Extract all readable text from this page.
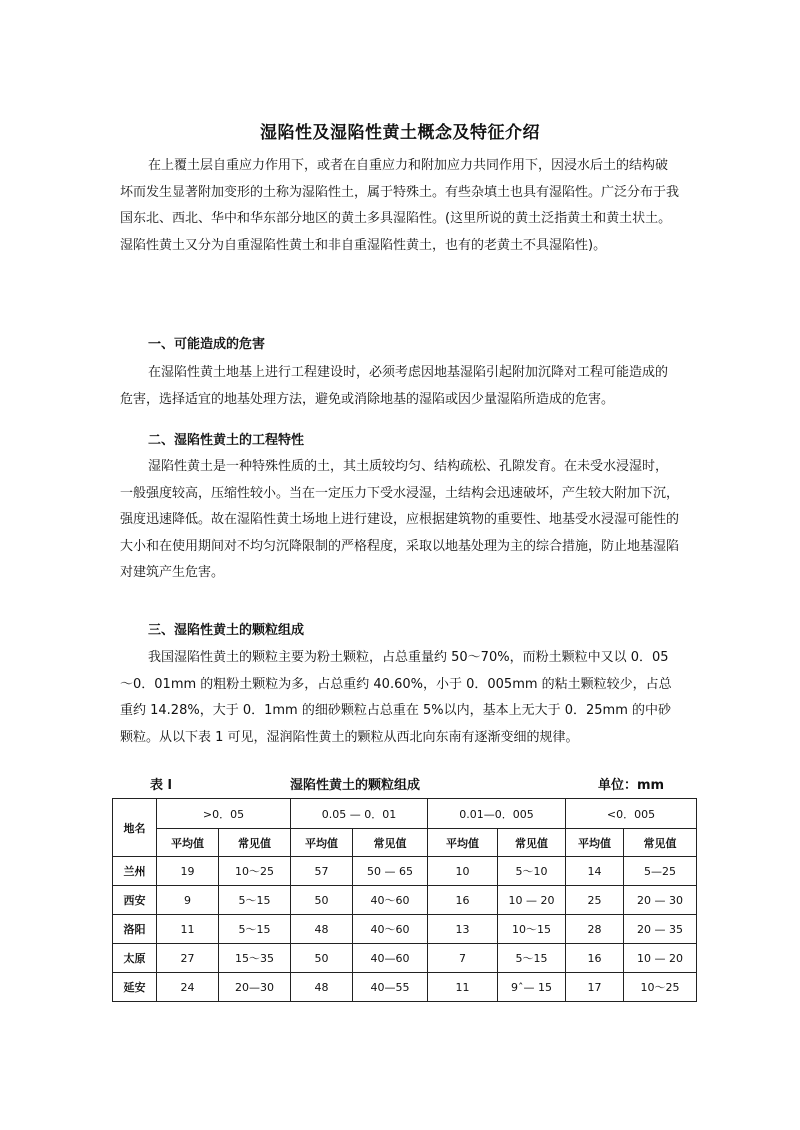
湿陷性及湿陷性黄土概念及特征介绍

在上覆土层自重应力作用下，或者在自重应力和附加应力共同作用下，因浸水后土的结构破坏而发生显著附加变形的土称为湿陷性土，属于特殊土。有些杂填土也具有湿陷性。广泛分布于我国东北、西北、华中和华东部分地区的黄土多具湿陷性。(这里所说的黄土泛指黄土和黄土状土。湿陷性黄土又分为自重湿陷性黄土和非自重湿陷性黄土，也有的老黄土不具湿陷性)。

一、可能造成的危害

在湿陷性黄土地基上进行工程建设时，必须考虑因地基湿陷引起附加沉降对工程可能造成的危害，选择适宜的地基处理方法，避免或消除地基的湿陷或因少量湿陷所造成的危害。

二、湿陷性黄土的工程特性

湿陷性黄土是一种特殊性质的土，其土质较均匀、结构疏松、孔隙发育。在未受水浸湿时，一般强度较高，压缩性较小。当在一定压力下受水浸湿，土结构会迅速破坏，产生较大附加下沉，强度迅速降低。故在湿陷性黄土场地上进行建设，应根据建筑物的重要性、地基受水浸湿可能性的大小和在使用期间对不均匀沉降限制的严格程度，采取以地基处理为主的综合措施，防止地基湿陷对建筑产生危害。

三、湿陷性黄土的颗粒组成

我国湿陷性黄土的颗粒主要为粉土颗粒，占总重量约 50～70%，而粉土颗粒中又以 0．05～0．01mm 的粗粉土颗粒为多，占总重约 40.60%，小于 0．005mm 的粘土颗粒较少，占总重约 14.28%，大于 0．1mm 的细砂颗粒占总重在 5%以内，基本上无大于 0．25mm 的中砂颗粒。从以下表 1 可见，湿润陷性黄土的颗粒从西北向东南有逐渐变细的规律。

表 l	湿陷性黄土的颗粒组成	单位：mm
地名	>0．05		0.05 — 0．01		0.01—0．005		<0．005	
	平均值	常见值	平均值	常见值	平均值	常见值	平均值	常见值
兰州	19	10～25	57	50 — 65	10	5～10	14	5—25
西安	9	5～15	50	40～60	16	10 — 20	25	20 — 30
洛阳	11	5～15	48	40～60	13	10～15	28	20 — 35
太原	27	15～35	50	40—60	7	5～15	16	10 — 20
延安	24	20—30	48	40—55	11	9ˆ— 15	17	10～25
